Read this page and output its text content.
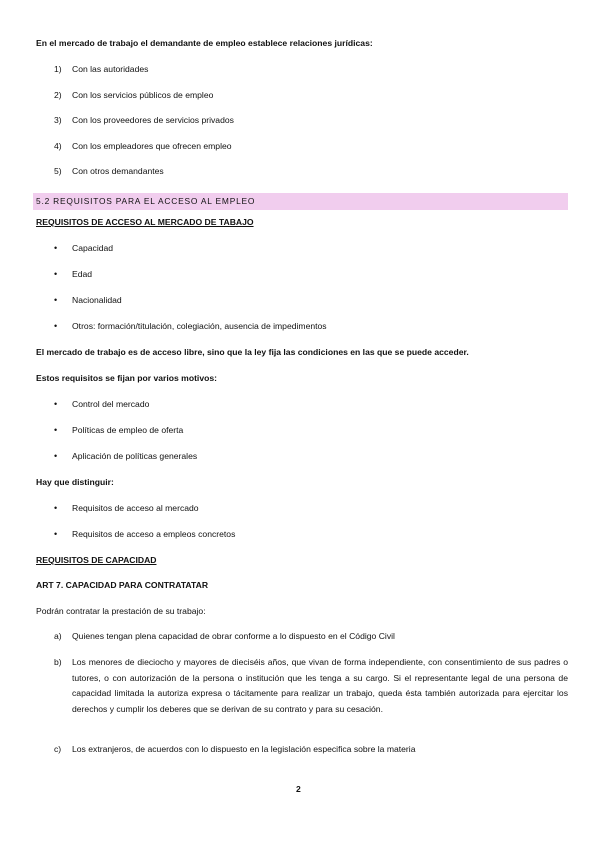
En el mercado de trabajo el demandante de empleo establece relaciones jurídicas:
1) Con las autoridades
2) Con los servicios públicos de empleo
3) Con los proveedores de servicios privados
4) Con los empleadores que ofrecen empleo
5) Con otros demandantes
5.2 REQUISITOS PARA EL ACCESO AL EMPLEO
REQUISITOS DE ACCESO AL MERCADO DE TABAJO
• Capacidad
• Edad
• Nacionalidad
• Otros: formación/titulación, colegiación, ausencia de impedimentos
El mercado de trabajo es de acceso libre, sino que la ley fija las condiciones en las que se puede acceder.
Estos requisitos se fijan por varios motivos:
• Control del mercado
• Políticas de empleo de oferta
• Aplicación de políticas generales
Hay que distinguir:
• Requisitos de acceso al mercado
• Requisitos de acceso a empleos concretos
REQUISITOS DE CAPACIDAD
ART 7. CAPACIDAD PARA CONTRATATAR
Podrán contratar la prestación de su trabajo:
a) Quienes tengan plena capacidad de obrar conforme a lo dispuesto en el Código Civil
b) Los menores de dieciocho y mayores de dieciséis años, que vivan de forma independiente, con consentimiento de sus padres o tutores, o con autorización de la persona o institución que les tenga a su cargo. Si el representante legal de una persona de capacidad limitada la autoriza expresa o tácitamente para realizar un trabajo, queda ésta también autorizada para ejercitar los derechos y cumplir los deberes que se derivan de su contrato y para su cesación.
c) Los extranjeros, de acuerdos con lo dispuesto en la legislación especifica sobre la materia
2
